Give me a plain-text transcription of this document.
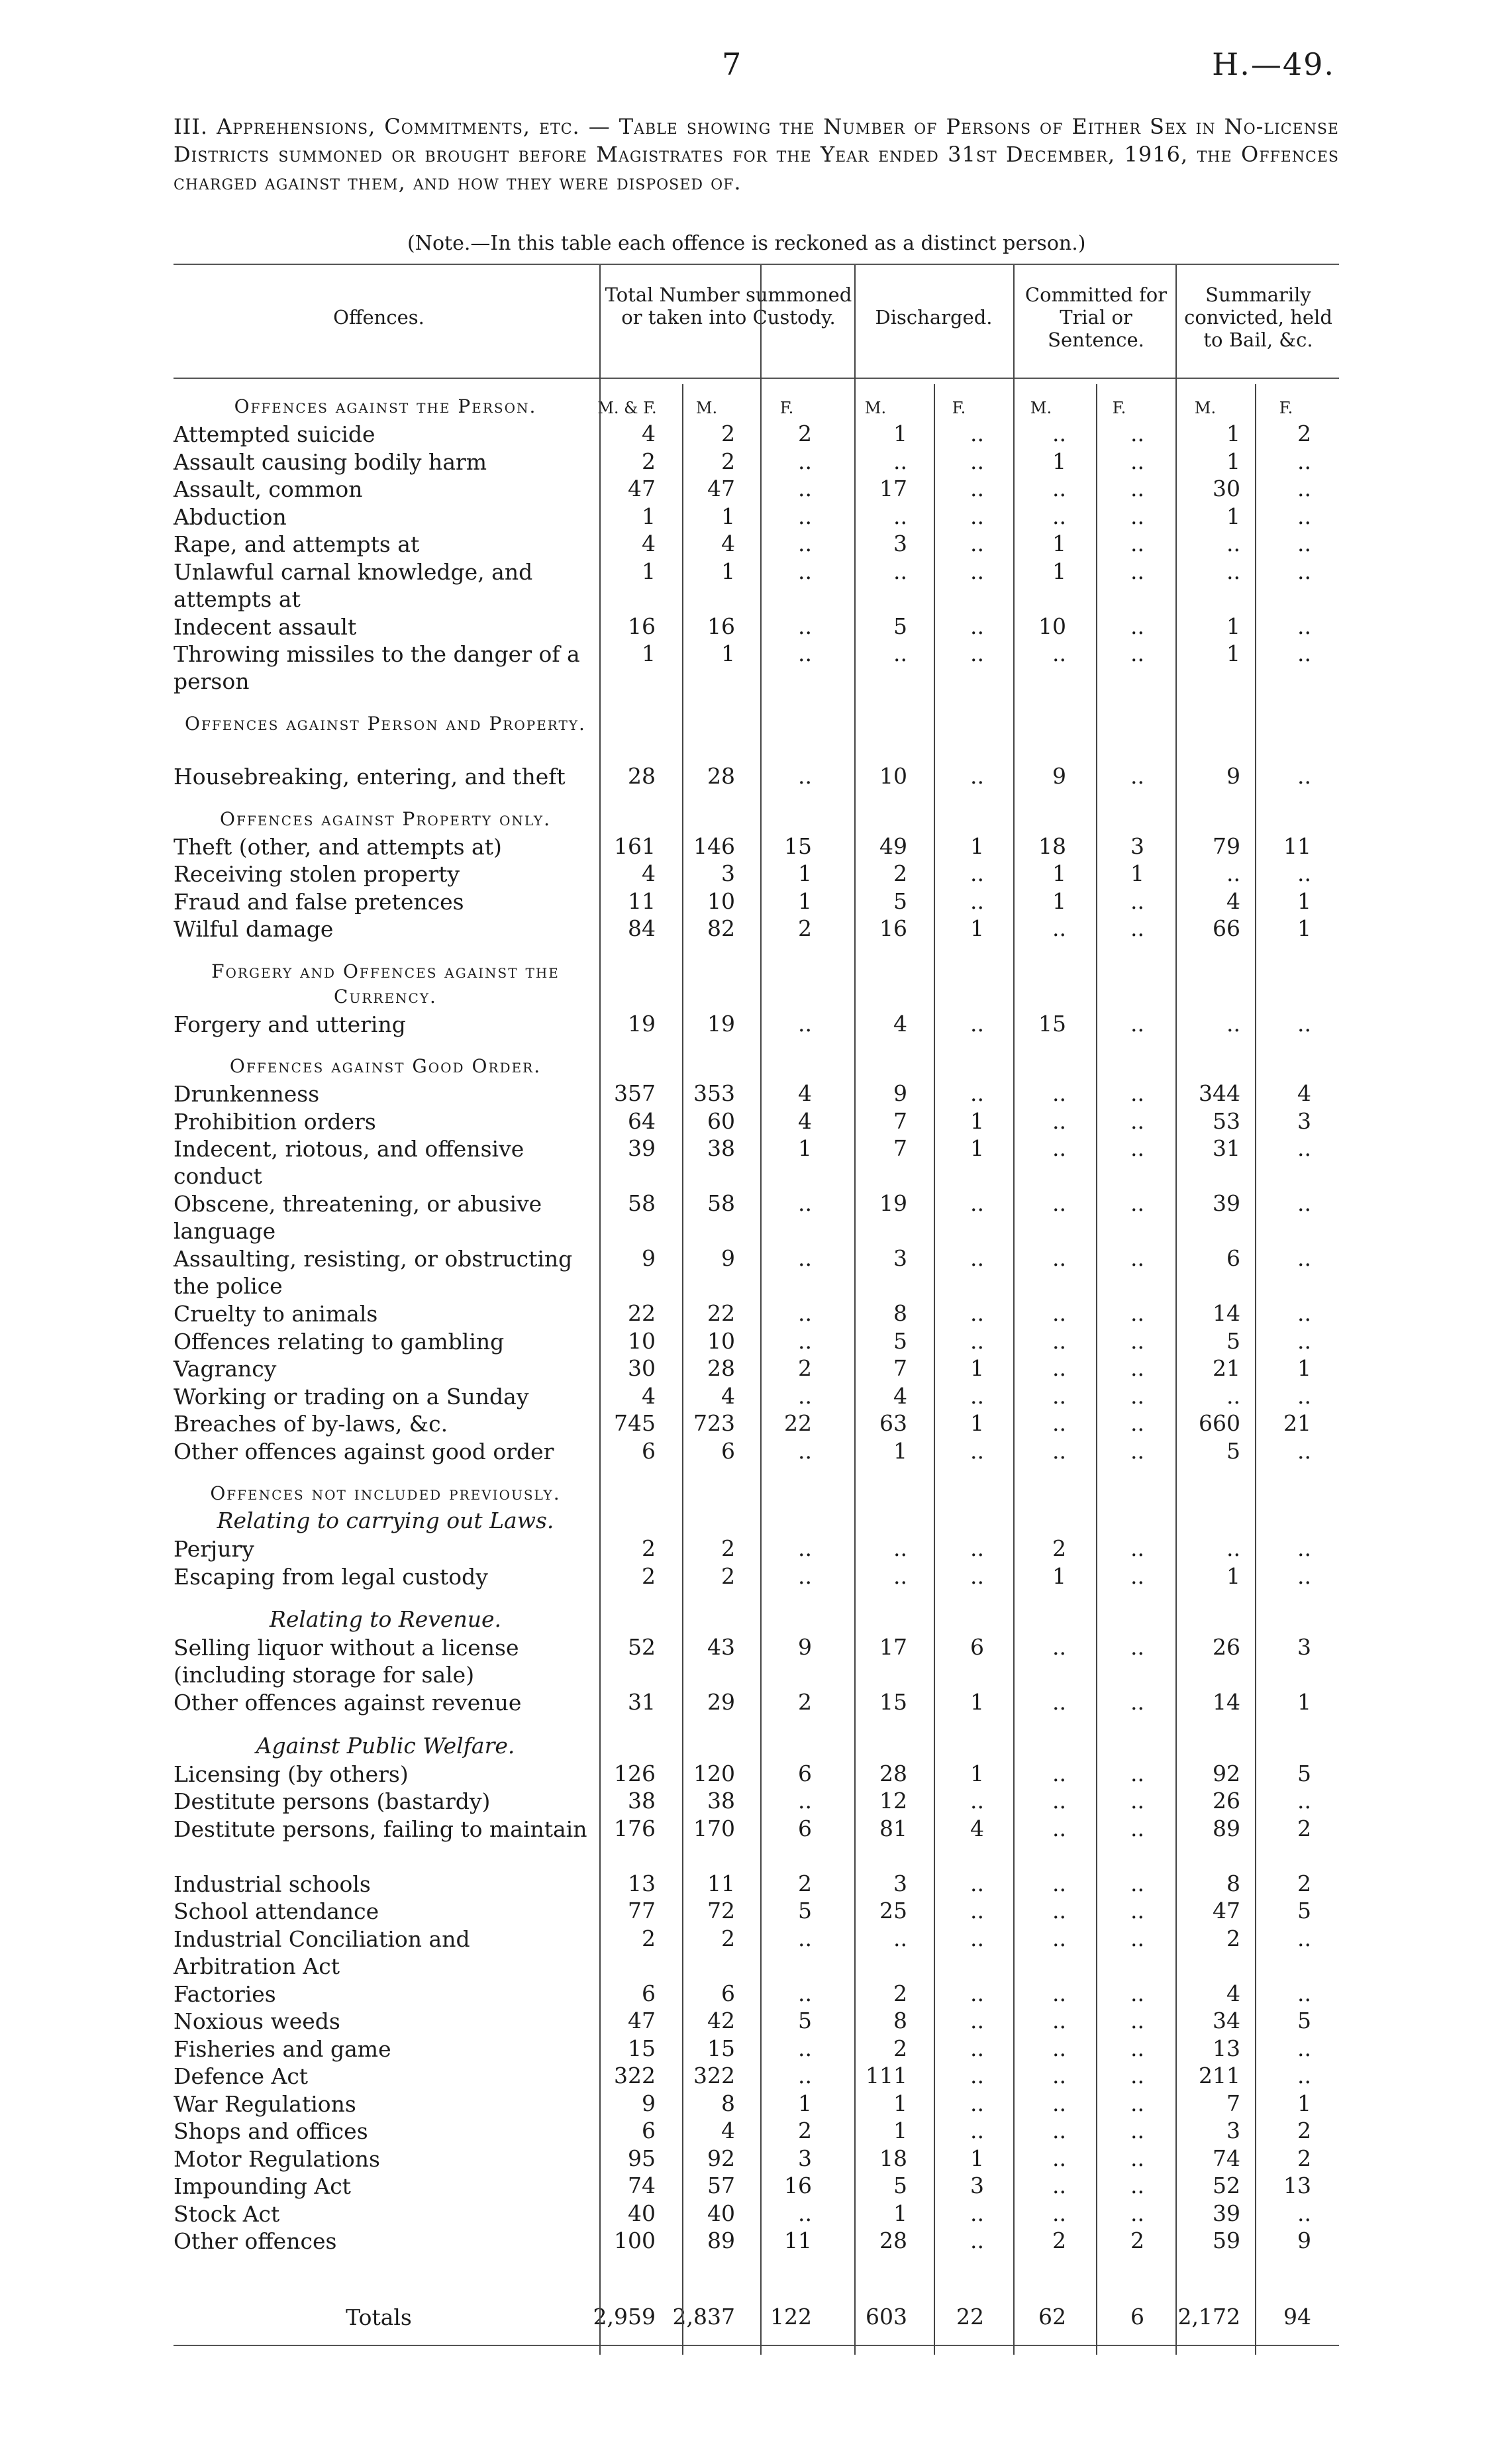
7	H.—49.
III. Apprehensions, Commitments, etc. — Table showing the Number of Persons of Either Sex in No-license Districts summoned or brought before Magistrates for the Year ended 31st December, 1916, the Offences charged against them, and how they were disposed of.
(Note.—In this table each offence is reckoned as a distinct person.)
Offences.
Total Number summoned or taken into Custody.	Discharged.
Committed for Trial or Sentence.
Summarily convicted, held to Bail, &c.
M. & F.	M.	F.	M.	F.	M.	F.	M.	F.
Offences against the Person.
Attempted suicide	4	2	2	1	..	..	..	1	2
Assault causing bodily harm	2	2	..	..	..	1	..	1	..
Assault, common	47	47	..	17	..	..	..	30	..
Abduction	1	1	..	..	..	..	..	1	..
Rape, and attempts at	4	4	..	3	..	1	..	..	..
Unlawful carnal knowledge, and attempts at
1	1	..	..	..	1	..	..	..
Indecent assault	16	16	..	5	..	10	..	1	..
Throwing missiles to the danger of a person
1	1	..	..	..	..	..	1	..
Offences against Person and Property.
Housebreaking, entering, and theft	28	28	..	10	..	9	..	9	..
Offences against Property only.
Theft (other, and attempts at)	161	146	15	49	1	18	3	79	11
Receiving stolen property	4	3	1	2	..	1	1	..	..
Fraud and false pretences	11	10	1	5	..	1	..	4	1
Wilful damage	84	82	2	16	1	..	..	66	1
Forgery and Offences against the Currency.
Forgery and uttering	19	19	..	4	..	15	..	..	..
Offences against Good Order.
Drunkenness	357	353	4	9	..	..	..	344	4
Prohibition orders	64	60	4	7	1	..	..	53	3
Indecent, riotous, and offensive conduct
39	38	1	7	1	..	..	31	..
Obscene, threatening, or abusive language
58	58	..	19	..	..	..	39	..
Assaulting, resisting, or obstructing the police
9	9	..	3	..	..	..	6	..
Cruelty to animals	22	22	..	8	..	..	..	14	..
Offences relating to gambling	10	10	..	5	..	..	..	5	..
Vagrancy	30	28	2	7	1	..	..	21	1
Working or trading on a Sunday	4	4	..	4	..	..	..	..	..
Breaches of by-laws, &c.	745	723	22	63	1	..	..	660	21
Other offences against good order	6	6	..	1	..	..	..	5	..
Offences not included previously.
Relating to carrying out Laws.
Perjury	2	2	..	..	..	2	..	..	..
Escaping from legal custody	2	2	..	..	..	1	..	1	..
Relating to Revenue.
Selling liquor without a license (including storage for sale)
52	43	9	17	6	..	..	26	3
Other offences against revenue	31	29	2	15	1	..	..	14	1
Against Public Welfare.
Licensing (by others)	126	120	6	28	1	..	..	92	5
Destitute persons (bastardy)	38	38	..	12	..	..	..	26	..
Destitute persons, failing to maintain	176	170	6	81	4	..	..	89	2
Industrial schools	13	11	2	3	..	..	..	8	2
School attendance	77	72	5	25	..	..	..	47	5
Industrial Conciliation and Arbitration Act
2	2	..	..	..	..	..	2	..
Factories	6	6	..	2	..	..	..	4	..
Noxious weeds	47	42	5	8	..	..	..	34	5
Fisheries and game	15	15	..	2	..	..	..	13	..
Defence Act	322	322	..	111	..	..	..	211	..
War Regulations	9	8	1	1	..	..	..	7	1
Shops and offices	6	4	2	1	..	..	..	3	2
Motor Regulations	95	92	3	18	1	..	..	74	2
Impounding Act	74	57	16	5	3	..	..	52	13
Stock Act	40	40	..	1	..	..	..	39	..
Other offences	100	89	11	28	..	2	2	59	9
Totals	2,959 2,837	122	603	22	62	6	2,172	94
